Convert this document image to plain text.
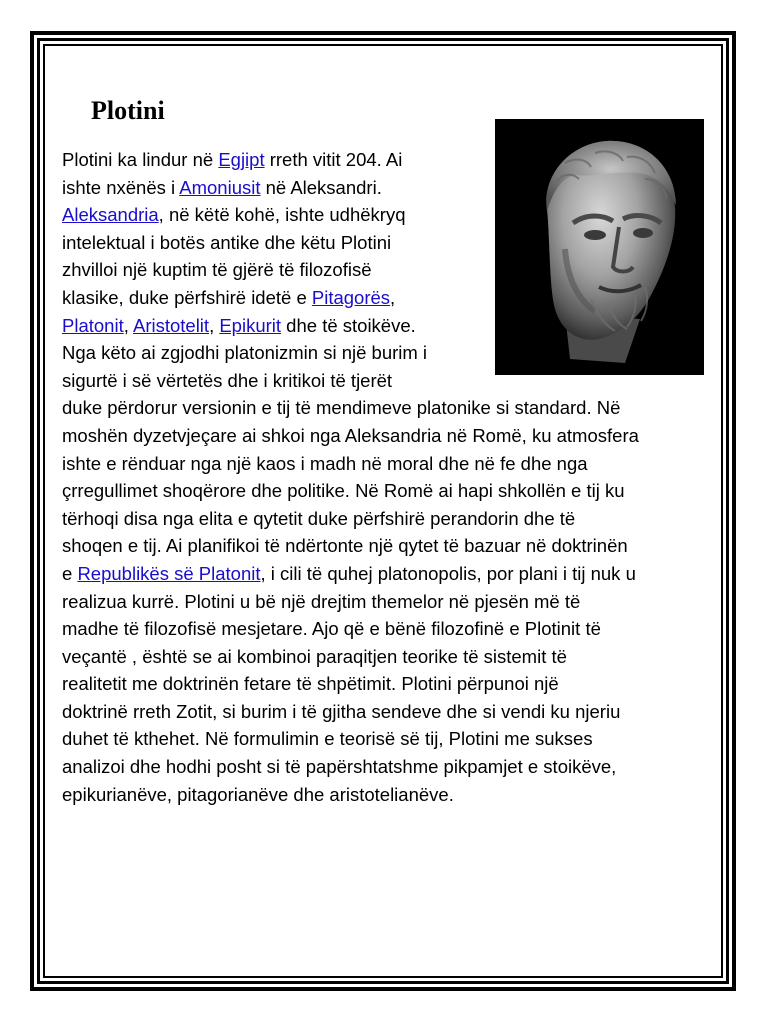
Plotini
Plotini ka lindur në Egjipt rreth vitit 204. Ai
ishte nxënës i Amoniusit në Aleksandri.
Aleksandria, në këtë kohë, ishte udhëkryq
intelektual i botës antike dhe këtu Plotini
zhvilloi një kuptim të gjërë të filozofisë
klasike, duke përfshirë idetë e Pitagorës,
Platonit, Aristotelit, Epikurit dhe të stoikëve.
Nga këto ai zgjodhi platonizmin si një burim i
sigurtë i së vërtetës dhe i kritikoi të tjerët
duke përdorur versionin e tij të mendimeve platonike si standard. Në
moshën dyzetvjeçare ai shkoi nga Aleksandria në Romë, ku atmosfera
ishte e rënduar nga një kaos i madh në moral dhe në fe dhe nga
çrregullimet shoqërore dhe politike. Në Romë ai hapi shkollën e tij ku
tërhoqi disa nga elita e qytetit duke përfshirë perandorin dhe të
shoqen e tij. Ai planifikoi të ndërtonte një qytet të bazuar në doktrinën
e Republikës së Platonit, i cili të quhej platonopolis, por plani i tij nuk u
realizua kurrë. Plotini u bë një drejtim themelor në pjesën më të
madhe të filozofisë mesjetare. Ajo që e bënë filozofinë e Plotinit të
veçantë , është se ai kombinoi paraqitjen teorike të sistemit të
realitetit me doktrinën fetare të shpëtimit. Plotini përpunoi një
doktrinë rreth Zotit, si burim i të gjitha sendeve dhe si vendi ku njeriu
duhet të kthehet. Në formulimin e teorisë së tij, Plotini me sukses
analizoi dhe hodhi posht si të papërshtatshme pikpamjet e stoikëve,
epikurianëve, pitagorianëve dhe aristotelianëve.
